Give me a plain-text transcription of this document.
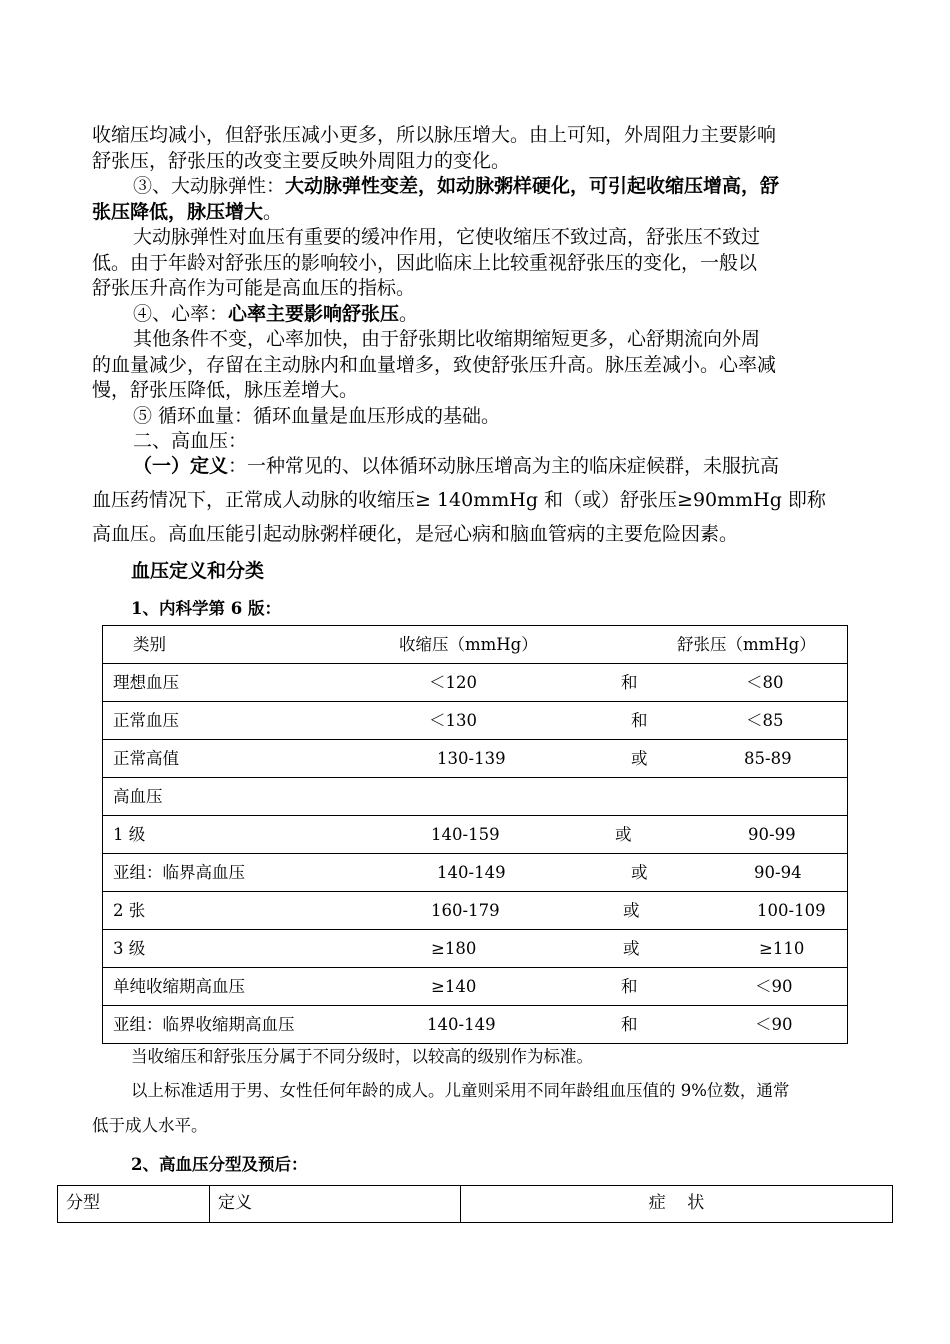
收缩压均减小，但舒张压减小更多，所以脉压增大。由上可知，外周阻力主要影响
舒张压，舒张压的改变主要反映外周阻力的变化。
③、大动脉弹性：大动脉弹性变差，如动脉粥样硬化，可引起收缩压增高，舒
张压降低，脉压增大。
大动脉弹性对血压有重要的缓冲作用，它使收缩压不致过高，舒张压不致过
低。由于年龄对舒张压的影响较小，因此临床上比较重视舒张压的变化，一般以
舒张压升高作为可能是高血压的指标。
④、心率：心率主要影响舒张压。
其他条件不变，心率加快，由于舒张期比收缩期缩短更多，心舒期流向外周
的血量减少，存留在主动脉内和血量增多，致使舒张压升高。脉压差减小。心率减
慢，舒张压降低，脉压差增大。
⑤ 循环血量：循环血量是血压形成的基础。
二、高血压：
（一）定义：一种常见的、以体循环动脉压增高为主的临床症候群，未服抗高
血压药情况下，正常成人动脉的收缩压≥ 140mmHg 和（或）舒张压≥90mmHg 即称
高血压。高血压能引起动脉粥样硬化，是冠心病和脑血管病的主要危险因素。
血压定义和分类
1、内科学第 6 版：
类别	收缩压（mmHg）	舒张压（mmHg）

理想血压	＜120	和	＜80

正常血压	＜130	和	＜85

正常高值	130-139	或	85-89

高血压

1 级	140-159	或	90-99

亚组：临界高血压	140-149	或	90-94

2 张	160-179	或	100-109

3 级	≥180	或	≥110

单纯收缩期高血压	≥140	和	＜90

亚组：临界收缩期高血压	140-149	和	＜90
当收缩压和舒张压分属于不同分级时，以较高的级别作为标准。
以上标准适用于男、女性任何年龄的成人。儿童则采用不同年龄组血压值的 9%位数，通常
低于成人水平。
2、高血压分型及预后：
分型	定义	症    状
